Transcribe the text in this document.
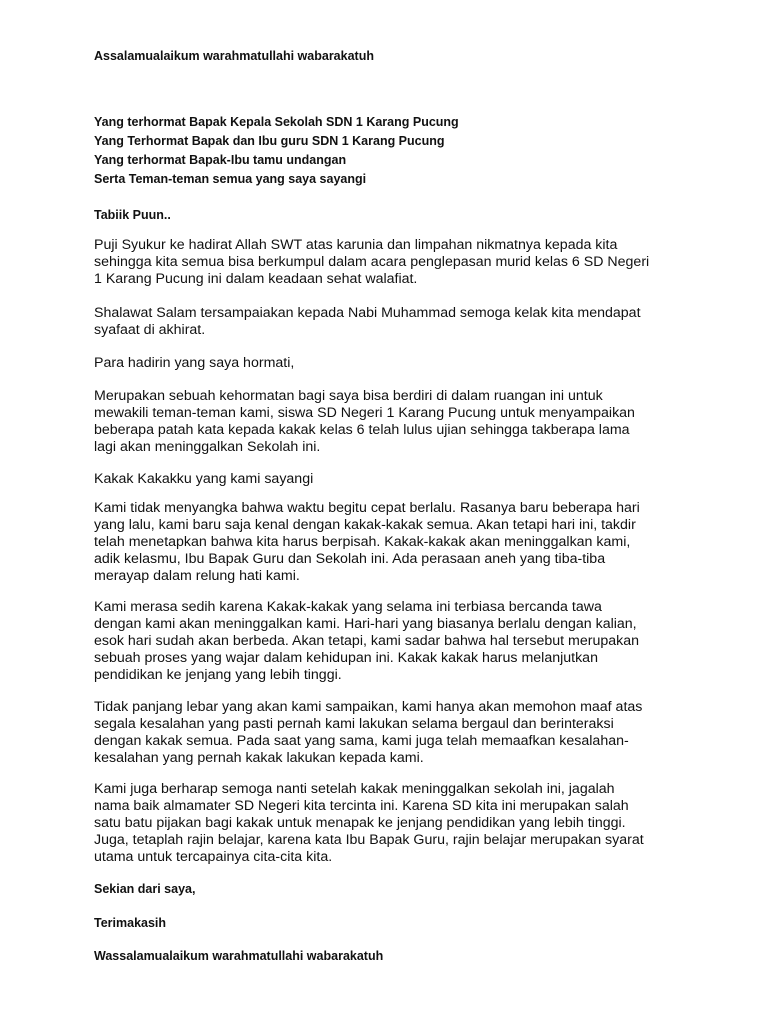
Assalamualaikum warahmatullahi wabarakatuh

Yang terhormat Bapak Kepala Sekolah SDN 1 Karang Pucung

Yang Terhormat Bapak dan Ibu guru SDN 1 Karang Pucung

Yang terhormat Bapak-Ibu tamu undangan

Serta Teman-teman semua yang saya sayangi

Tabiik Puun..

Puji Syukur ke hadirat Allah SWT atas karunia dan limpahan nikmatnya kepada kita
sehingga kita semua bisa berkumpul dalam acara penglepasan murid kelas 6 SD Negeri
1 Karang Pucung ini dalam keadaan sehat walafiat.

Shalawat Salam tersampaiakan kepada Nabi Muhammad semoga kelak kita mendapat
syafaat di akhirat.

Para hadirin yang saya hormati,

Merupakan sebuah kehormatan bagi saya bisa berdiri di dalam ruangan ini untuk
mewakili teman-teman kami, siswa SD Negeri 1 Karang Pucung untuk menyampaikan
beberapa patah kata kepada kakak kelas 6 telah lulus ujian sehingga takberapa lama
lagi akan meninggalkan Sekolah ini.

Kakak Kakakku yang kami sayangi

Kami tidak menyangka bahwa waktu begitu cepat berlalu. Rasanya baru beberapa hari
yang lalu, kami baru saja kenal dengan kakak-kakak semua. Akan tetapi hari ini, takdir
telah menetapkan bahwa kita harus berpisah. Kakak-kakak akan meninggalkan kami,
adik kelasmu, Ibu Bapak Guru dan Sekolah ini. Ada perasaan aneh yang tiba-tiba
merayap dalam relung hati kami.

Kami merasa sedih karena Kakak-kakak yang selama ini terbiasa bercanda tawa
dengan kami akan meninggalkan kami. Hari-hari yang biasanya berlalu dengan kalian,
esok hari sudah akan berbeda. Akan tetapi, kami sadar bahwa hal tersebut merupakan
sebuah proses yang wajar dalam kehidupan ini. Kakak kakak harus melanjutkan
pendidikan ke jenjang yang lebih tinggi.

Tidak panjang lebar yang akan kami sampaikan, kami hanya akan memohon maaf atas
segala kesalahan yang pasti pernah kami lakukan selama bergaul dan berinteraksi
dengan kakak semua. Pada saat yang sama, kami juga telah memaafkan kesalahan-
kesalahan yang pernah kakak lakukan kepada kami.

Kami juga berharap semoga nanti setelah kakak meninggalkan sekolah ini, jagalah
nama baik almamater SD Negeri kita tercinta ini. Karena SD kita ini merupakan salah
satu batu pijakan bagi kakak untuk menapak ke jenjang pendidikan yang lebih tinggi.
Juga, tetaplah rajin belajar, karena kata Ibu Bapak Guru, rajin belajar merupakan syarat
utama untuk tercapainya cita-cita kita.

Sekian dari saya,

Terimakasih

Wassalamualaikum warahmatullahi wabarakatuh
